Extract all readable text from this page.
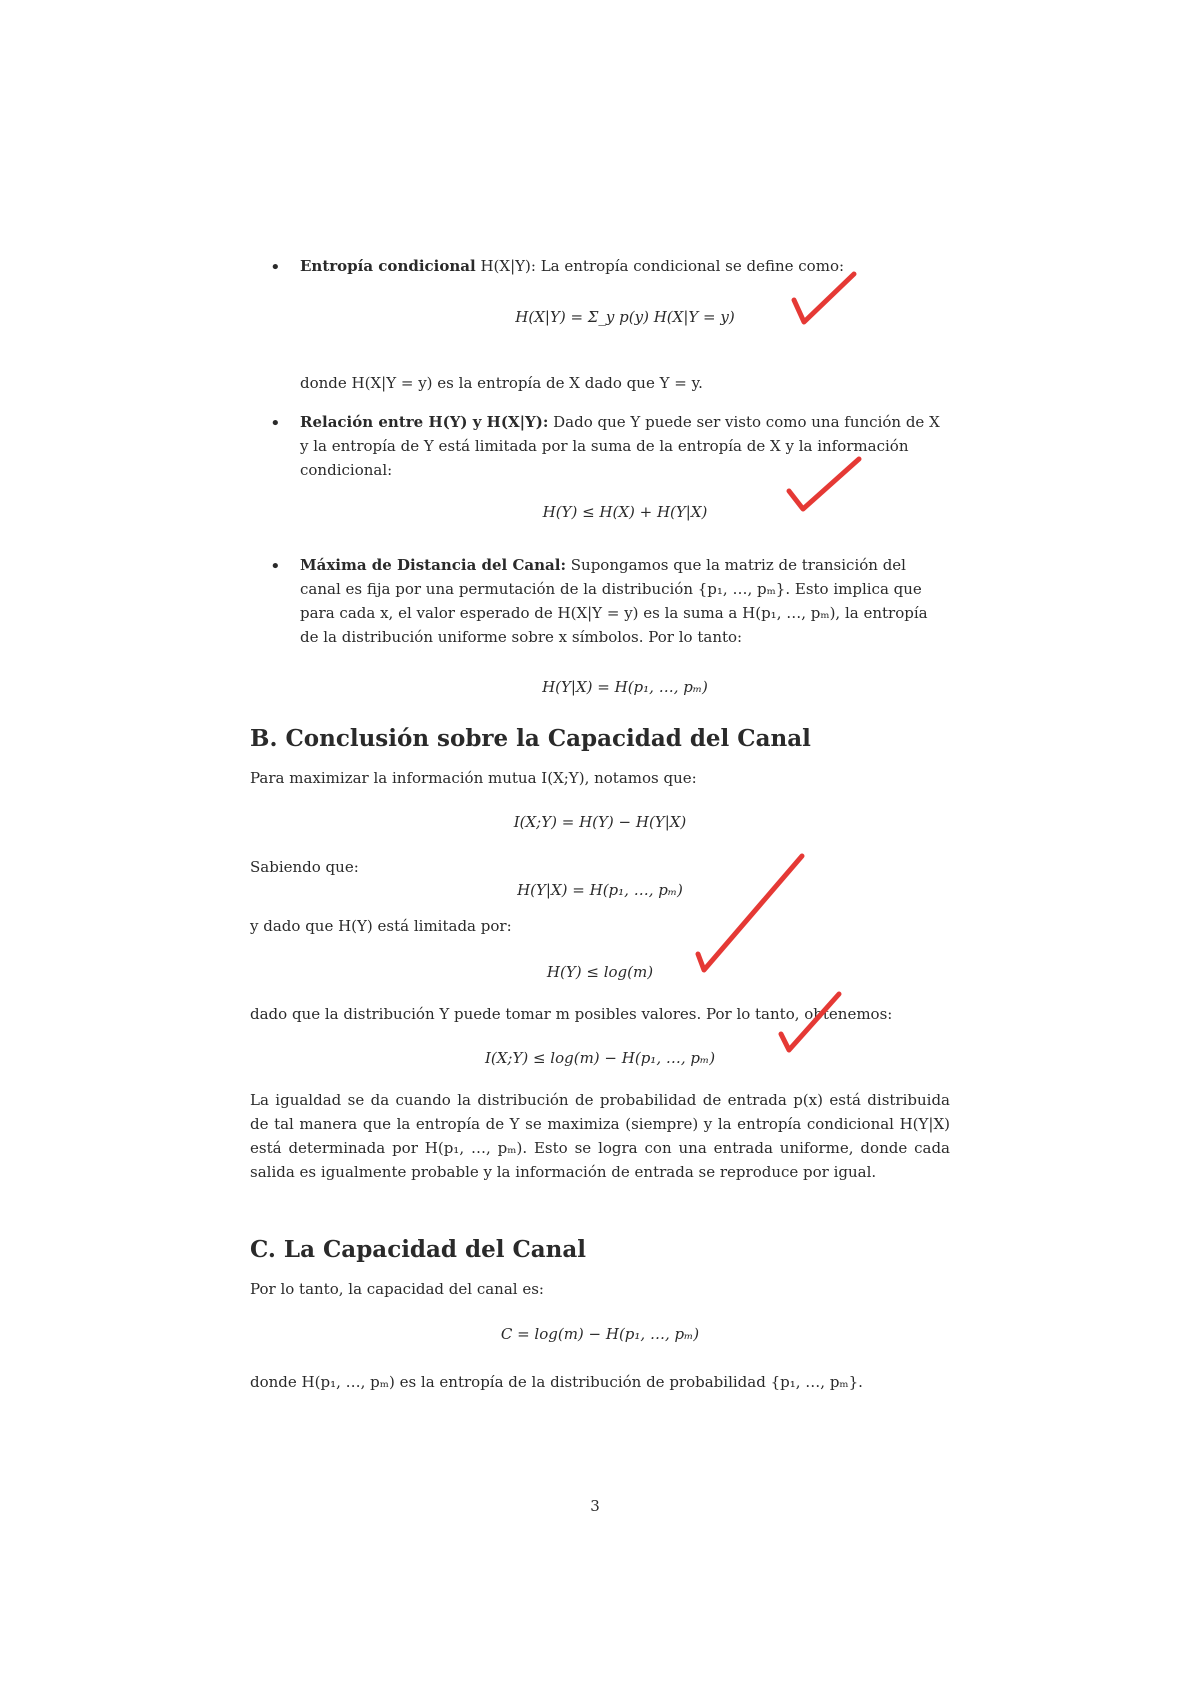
• Entropía condicional H(X|Y): La entropía condicional se define como:

H(X|Y) = Σ_y p(y) H(X|Y = y)
donde H(X|Y = y) es la entropía de X dado que Y = y.
• Relación entre H(Y) y H(X|Y): Dado que Y puede ser visto como una función de X y la entropía de Y está limitada por la suma de la entropía de X y la información condicional:

H(Y) ≤ H(X) + H(Y|X)
• Máxima de Distancia del Canal: Supongamos que la matriz de transición del canal es fija por una permutación de la distribución {p₁, …, pₘ}. Esto implica que para cada x, el valor esperado de H(X|Y = y) es la suma a H(p₁, …, pₘ), la entropía de la distribución uniforme sobre x símbolos. Por lo tanto:

H(Y|X) = H(p₁, …, pₘ)
B. Conclusión sobre la Capacidad del Canal
Para maximizar la información mutua I(X;Y), notamos que:
I(X;Y) = H(Y) − H(Y|X)
Sabiendo que:
H(Y|X) = H(p₁, …, pₘ)
y dado que H(Y) está limitada por:
H(Y) ≤ log(m)
dado que la distribución Y puede tomar m posibles valores. Por lo tanto, obtenemos:
I(X;Y) ≤ log(m) − H(p₁, …, pₘ)
La igualdad se da cuando la distribución de probabilidad de entrada p(x) está distribuida de tal manera que la entropía de Y se maximiza (siempre) y la entropía condicional H(Y|X) está determinada por H(p₁, …, pₘ). Esto se logra con una entrada uniforme, donde cada salida es igualmente probable y la información de entrada se reproduce por igual.
C. La Capacidad del Canal
Por lo tanto, la capacidad del canal es:
C = log(m) − H(p₁, …, pₘ)
donde H(p₁, …, pₘ) es la entropía de la distribución de probabilidad {p₁, …, pₘ}.
3
